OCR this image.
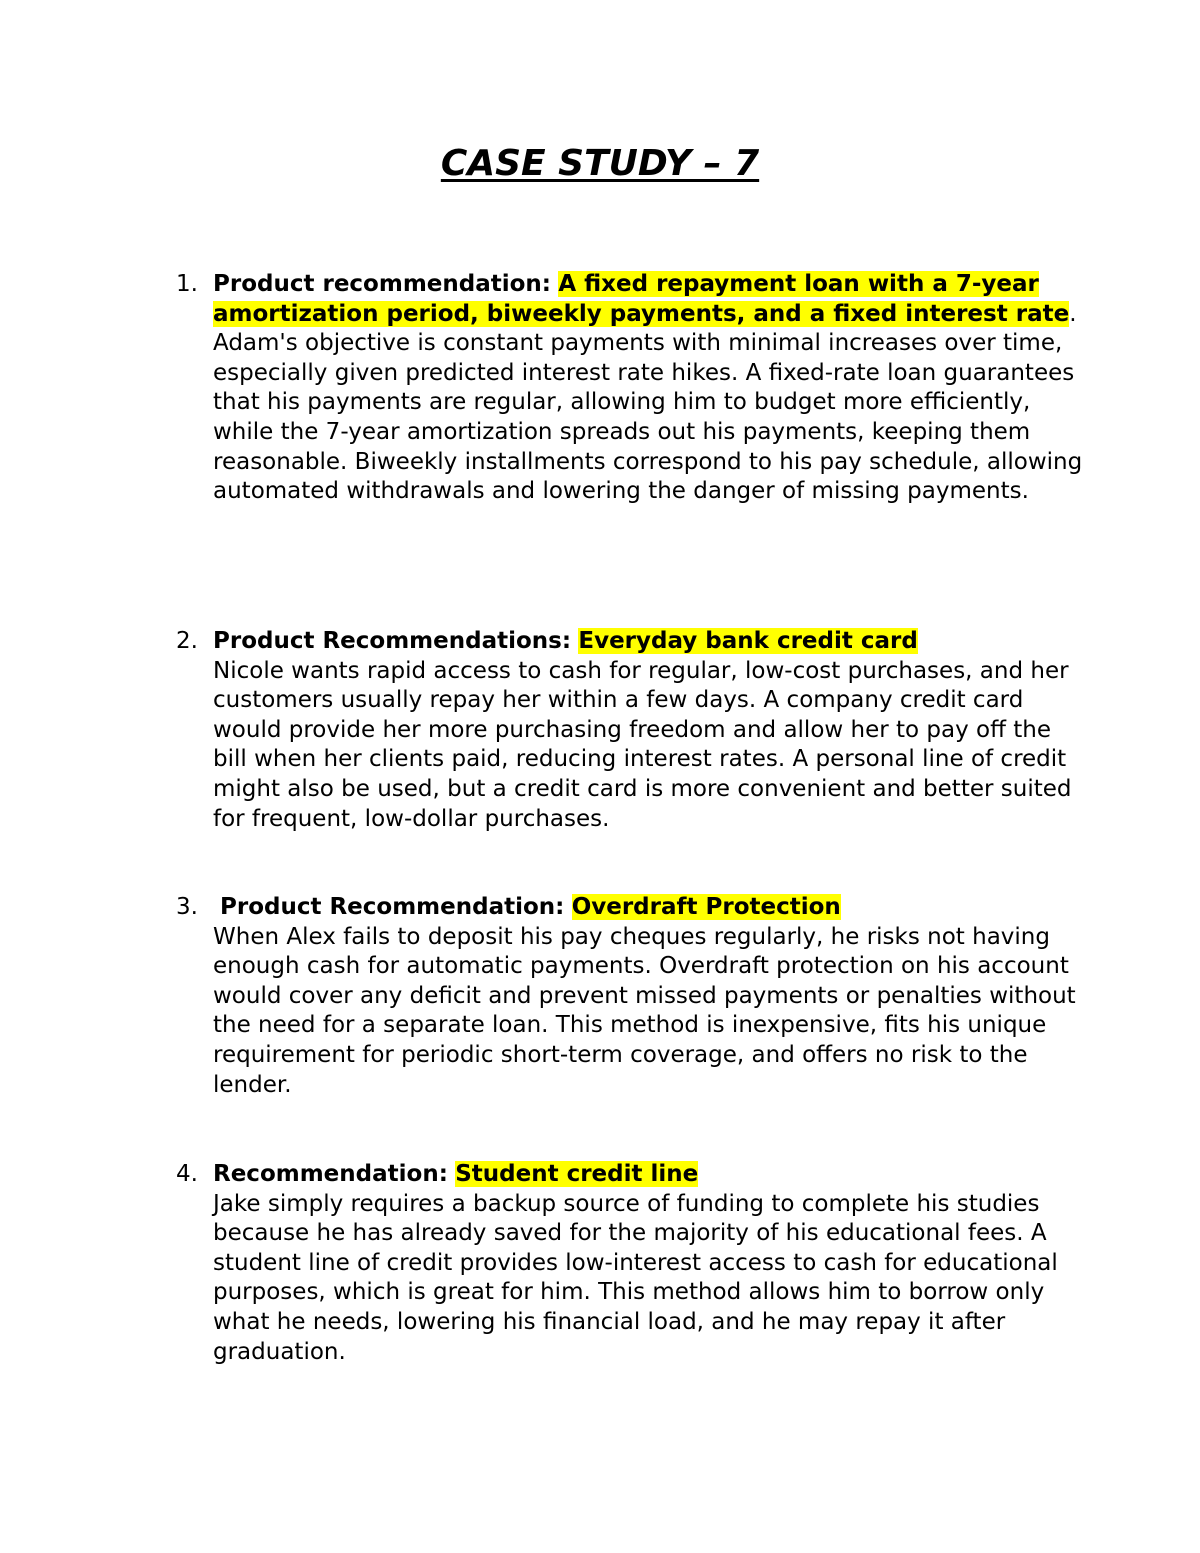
CASE STUDY – 7
1. Product recommendation: A fixed repayment loan with a 7-year amortization period, biweekly payments, and a fixed interest rate.
Adam's objective is constant payments with minimal increases over time, especially given predicted interest rate hikes. A fixed-rate loan guarantees that his payments are regular, allowing him to budget more efficiently, while the 7-year amortization spreads out his payments, keeping them reasonable. Biweekly installments correspond to his pay schedule, allowing automated withdrawals and lowering the danger of missing payments.
2. Product Recommendations: Everyday bank credit card
Nicole wants rapid access to cash for regular, low-cost purchases, and her customers usually repay her within a few days. A company credit card would provide her more purchasing freedom and allow her to pay off the bill when her clients paid, reducing interest rates. A personal line of credit might also be used, but a credit card is more convenient and better suited for frequent, low-dollar purchases.
3. Product Recommendation: Overdraft Protection
When Alex fails to deposit his pay cheques regularly, he risks not having enough cash for automatic payments. Overdraft protection on his account would cover any deficit and prevent missed payments or penalties without the need for a separate loan. This method is inexpensive, fits his unique requirement for periodic short-term coverage, and offers no risk to the lender.
4. Recommendation: Student credit line
Jake simply requires a backup source of funding to complete his studies because he has already saved for the majority of his educational fees. A student line of credit provides low-interest access to cash for educational purposes, which is great for him. This method allows him to borrow only what he needs, lowering his financial load, and he may repay it after graduation.
